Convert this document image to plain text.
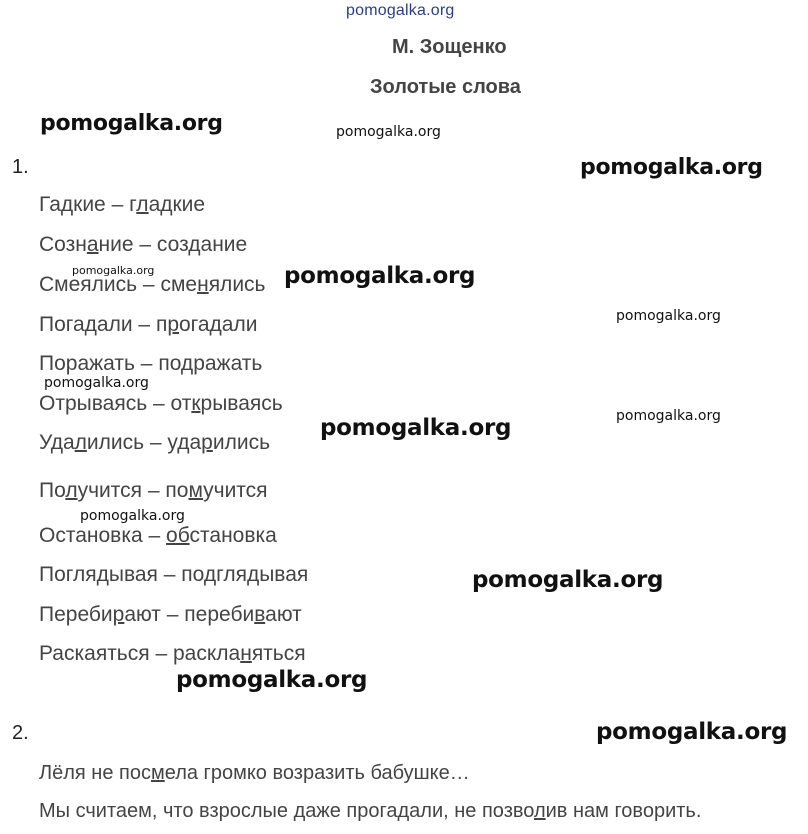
pomogalka.org
М. Зощенко
Золотые слова
1.
Гадкие – гладкие
Сознание – создание
Смеялись – сменялись
Погадали – прогадали
Поражать – подражать
Отрываясь – открываясь
Удалились – ударились
Получится – помучится
Остановка – обстановка
Поглядывая – подглядывая
Перебирают – перебивают
Раскаяться – раскланяться
2.
Лёля не посмела громко возразить бабушке…
Мы считаем, что взрослые даже прогадали, не позволив нам говорить.
pomogalka.org	pomogalka.org
pomogalka.org
pomogalka.org	pomogalka.org
pomogalka.org
pomogalka.org
pomogalka.org
pomogalka.org
pomogalka.org
pomogalka.org
pomogalka.org
pomogalka.org
